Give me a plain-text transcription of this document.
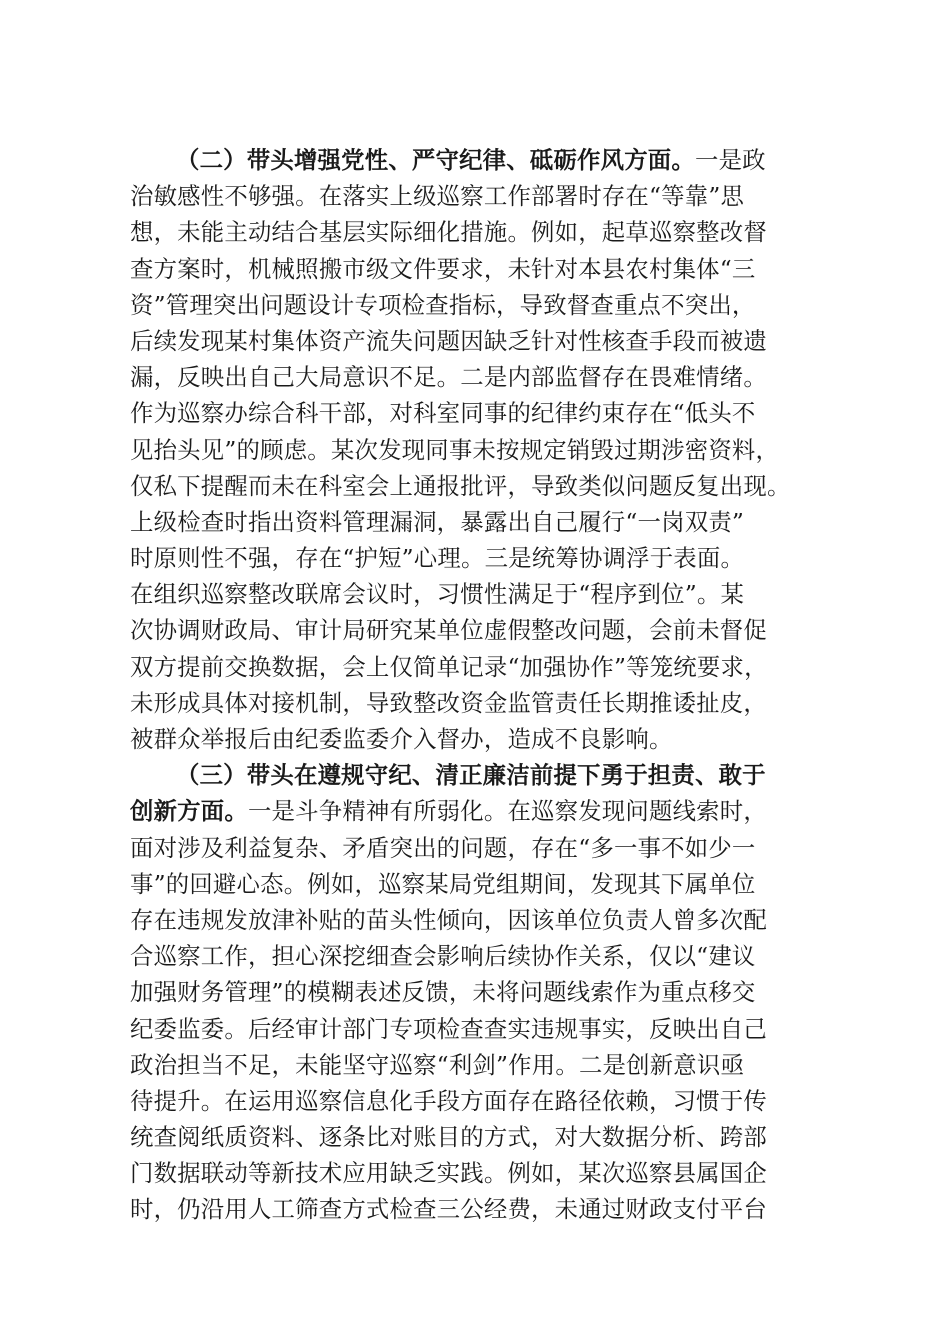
（二）带头增强党性、严守纪律、砥砺作风方面。一是政
治敏感性不够强。在落实上级巡察工作部署时存在“等靠”思
想，未能主动结合基层实际细化措施。例如，起草巡察整改督
查方案时，机械照搬市级文件要求，未针对本县农村集体“三
资”管理突出问题设计专项检查指标，导致督查重点不突出，
后续发现某村集体资产流失问题因缺乏针对性核查手段而被遗
漏，反映出自己大局意识不足。二是内部监督存在畏难情绪。
作为巡察办综合科干部，对科室同事的纪律约束存在“低头不
见抬头见”的顾虑。某次发现同事未按规定销毁过期涉密资料，
仅私下提醒而未在科室会上通报批评，导致类似问题反复出现。
上级检查时指出资料管理漏洞，暴露出自己履行“一岗双责”
时原则性不强，存在“护短”心理。三是统筹协调浮于表面。
在组织巡察整改联席会议时，习惯性满足于“程序到位”。某
次协调财政局、审计局研究某单位虚假整改问题，会前未督促
双方提前交换数据，会上仅简单记录“加强协作”等笼统要求，
未形成具体对接机制，导致整改资金监管责任长期推诿扯皮，
被群众举报后由纪委监委介入督办，造成不良影响。
（三）带头在遵规守纪、清正廉洁前提下勇于担责、敢于
创新方面。一是斗争精神有所弱化。在巡察发现问题线索时，
面对涉及利益复杂、矛盾突出的问题，存在“多一事不如少一
事”的回避心态。例如，巡察某局党组期间，发现其下属单位
存在违规发放津补贴的苗头性倾向，因该单位负责人曾多次配
合巡察工作，担心深挖细查会影响后续协作关系，仅以“建议
加强财务管理”的模糊表述反馈，未将问题线索作为重点移交
纪委监委。后经审计部门专项检查查实违规事实，反映出自己
政治担当不足，未能坚守巡察“利剑”作用。二是创新意识亟
待提升。在运用巡察信息化手段方面存在路径依赖，习惯于传
统查阅纸质资料、逐条比对账目的方式，对大数据分析、跨部
门数据联动等新技术应用缺乏实践。例如，某次巡察县属国企
时，仍沿用人工筛查方式检查三公经费，未通过财政支付平台
